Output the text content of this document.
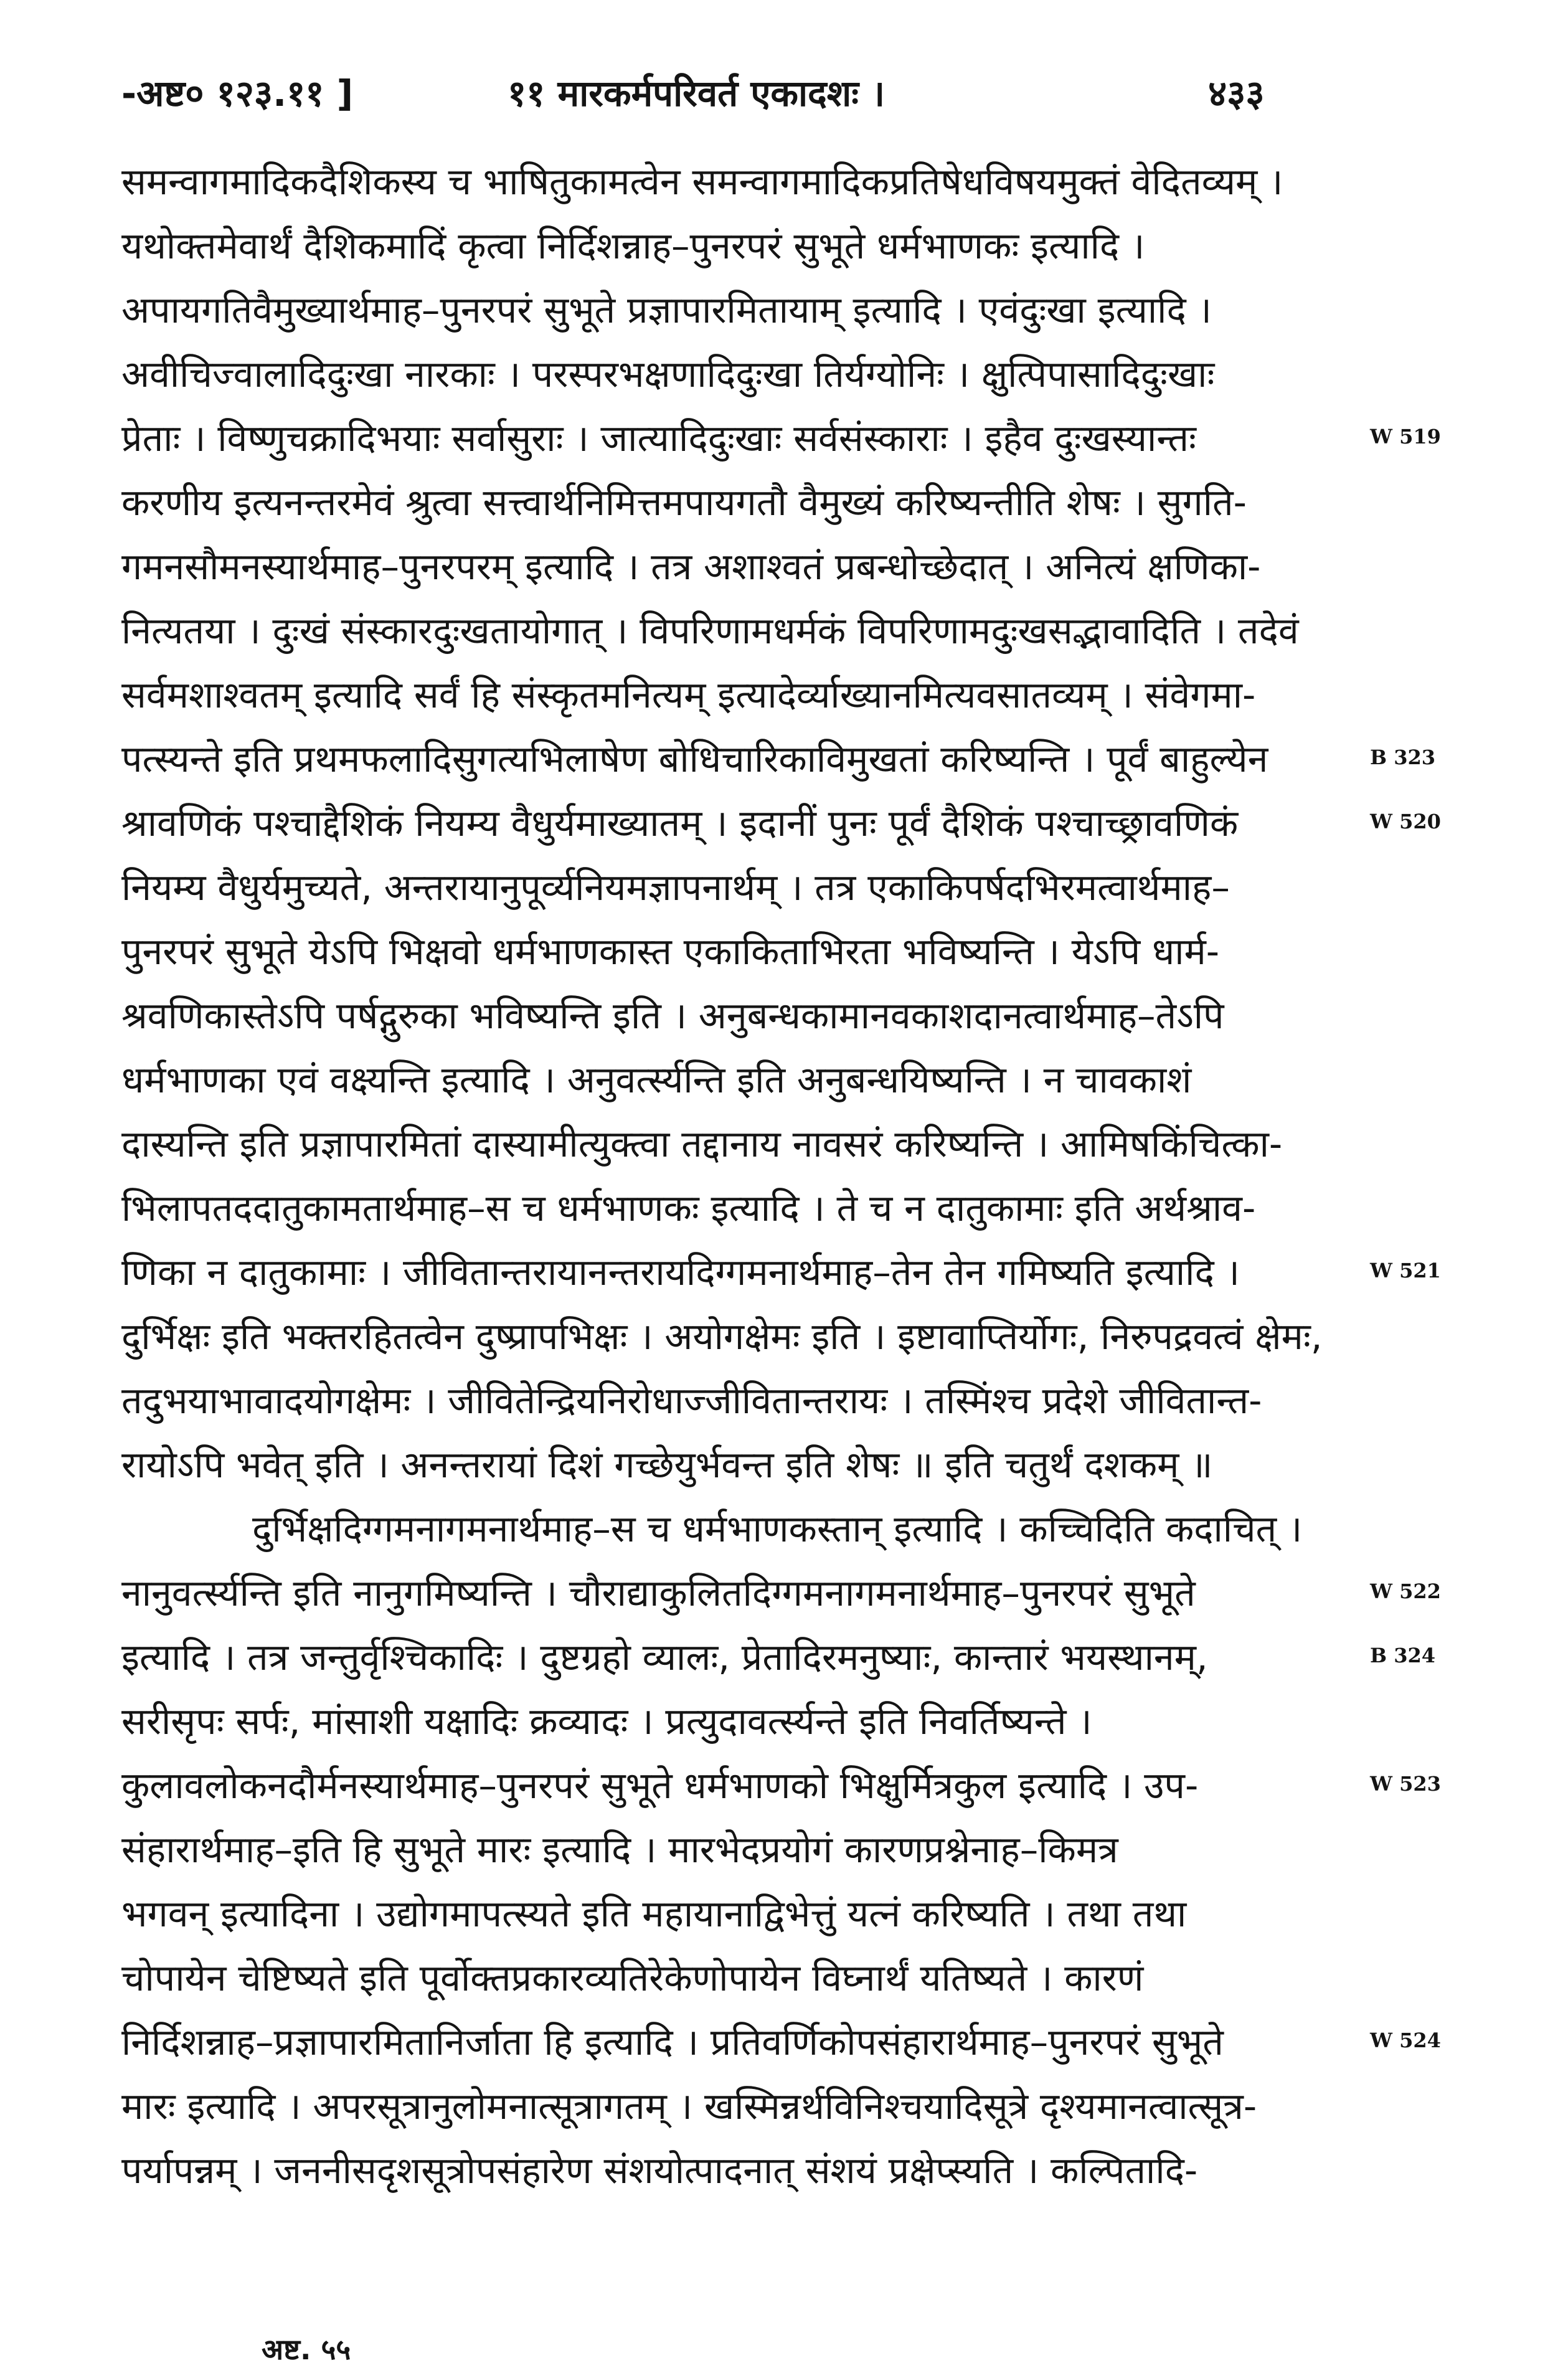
-अष्ट० १२३.११ ]	११ मारकर्मपरिवर्त एकादशः ।	४३३
समन्वागमादिकदैशिकस्य च भाषितुकामत्वेन समन्वागमादिकप्रतिषेधविषयमुक्तं वेदितव्यम् ।
यथोक्तमेवार्थं दैशिकमादिं कृत्वा निर्दिशन्नाह–पुनरपरं सुभूते धर्मभाणकः इत्यादि ।
अपायगतिवैमुख्यार्थमाह–पुनरपरं सुभूते प्रज्ञापारमितायाम् इत्यादि । एवंदुःखा इत्यादि ।
अवीचिज्वालादिदुःखा नारकाः । परस्परभक्षणादिदुःखा तिर्यग्योनिः । क्षुत्पिपासादिदुःखाः
प्रेताः । विष्णुचक्रादिभयाः सर्वासुराः । जात्यादिदुःखाः सर्वसंस्काराः । इहैव दुःखस्यान्तः
करणीय इत्यनन्तरमेवं श्रुत्वा सत्त्वार्थनिमित्तमपायगतौ वैमुख्यं करिष्यन्तीति शेषः । सुगति-
गमनसौमनस्यार्थमाह–पुनरपरम् इत्यादि । तत्र अशाश्वतं प्रबन्धोच्छेदात् । अनित्यं क्षणिका-
नित्यतया । दुःखं संस्कारदुःखतायोगात् । विपरिणामधर्मकं विपरिणामदुःखसद्भावादिति । तदेवं
सर्वमशाश्वतम् इत्यादि सर्वं हि संस्कृतमनित्यम् इत्यादेर्व्याख्यानमित्यवसातव्यम् । संवेगमा-
पत्स्यन्ते इति प्रथमफलादिसुगत्यभिलाषेण बोधिचारिकाविमुखतां करिष्यन्ति । पूर्वं बाहुल्येन
श्रावणिकं पश्चाद्दैशिकं नियम्य वैधुर्यमाख्यातम् । इदानीं पुनः पूर्वं दैशिकं पश्चाच्छ्रावणिकं
नियम्य वैधुर्यमुच्यते, अन्तरायानुपूर्व्यनियमज्ञापनार्थम् । तत्र एकाकिपर्षदभिरमत्वार्थमाह–
पुनरपरं सुभूते येऽपि भिक्षवो धर्मभाणकास्त एकाकिताभिरता भविष्यन्ति । येऽपि धार्म-
श्रवणिकास्तेऽपि पर्षद्गुरुका भविष्यन्ति इति । अनुबन्धकामानवकाशदानत्वार्थमाह–तेऽपि
धर्मभाणका एवं वक्ष्यन्ति इत्यादि । अनुवर्त्स्यन्ति इति अनुबन्धयिष्यन्ति । न चावकाशं
दास्यन्ति इति प्रज्ञापारमितां दास्यामीत्युक्त्वा तद्दानाय नावसरं करिष्यन्ति । आमिषकिंचित्का-
भिलापतददातुकामतार्थमाह–स च धर्मभाणकः इत्यादि । ते च न दातुकामाः इति अर्थश्राव-
णिका न दातुकामाः । जीवितान्तरायानन्तरायदिग्गमनार्थमाह–तेन तेन गमिष्यति इत्यादि ।
दुर्भिक्षः इति भक्तरहितत्वेन दुष्प्रापभिक्षः । अयोगक्षेमः इति । इष्टावाप्तिर्योगः, निरुपद्रवत्वं क्षेमः,
तदुभयाभावादयोगक्षेमः । जीवितेन्द्रियनिरोधाज्जीवितान्तरायः । तस्मिंश्च प्रदेशे जीवितान्त-
रायोऽपि भवेत् इति । अनन्तरायां दिशं गच्छेयुर्भवन्त इति शेषः ॥ इति चतुर्थं दशकम् ॥
दुर्भिक्षदिग्गमनागमनार्थमाह–स च धर्मभाणकस्तान् इत्यादि । कच्चिदिति कदाचित् ।
नानुवर्त्स्यन्ति इति नानुगमिष्यन्ति । चौराद्याकुलितदिग्गमनागमनार्थमाह–पुनरपरं सुभूते
इत्यादि । तत्र जन्तुर्वृश्चिकादिः । दुष्टग्रहो व्यालः, प्रेतादिरमनुष्याः, कान्तारं भयस्थानम्,
सरीसृपः सर्पः, मांसाशी यक्षादिः क्रव्यादः । प्रत्युदावर्त्स्यन्ते इति निवर्तिष्यन्ते ।
कुलावलोकनदौर्मनस्यार्थमाह–पुनरपरं सुभूते धर्मभाणको भिक्षुर्मित्रकुल इत्यादि । उप-
संहारार्थमाह–इति हि सुभूते मारः इत्यादि । मारभेदप्रयोगं कारणप्रश्नेनाह–किमत्र
भगवन् इत्यादिना । उद्योगमापत्स्यते इति महायानाद्विभेत्तुं यत्नं करिष्यति । तथा तथा
चोपायेन चेष्टिष्यते इति पूर्वोक्तप्रकारव्यतिरेकेणोपायेन विघ्नार्थं यतिष्यते । कारणं
निर्दिशन्नाह–प्रज्ञापारमितानिर्जाता हि इत्यादि । प्रतिवर्णिकोपसंहारार्थमाह–पुनरपरं सुभूते
मारः इत्यादि । अपरसूत्रानुलोमनात्सूत्रागतम् । खस्मिन्नर्थविनिश्चयादिसूत्रे दृश्यमानत्वात्सूत्र-
पर्यापन्नम् । जननीसदृशसूत्रोपसंहारेण संशयोत्पादनात् संशयं प्रक्षेप्स्यति । कल्पितादि-
W 519
B 323
W 520
W 521
W 522
B 324
W 523
W 524
अष्ट. ५५
